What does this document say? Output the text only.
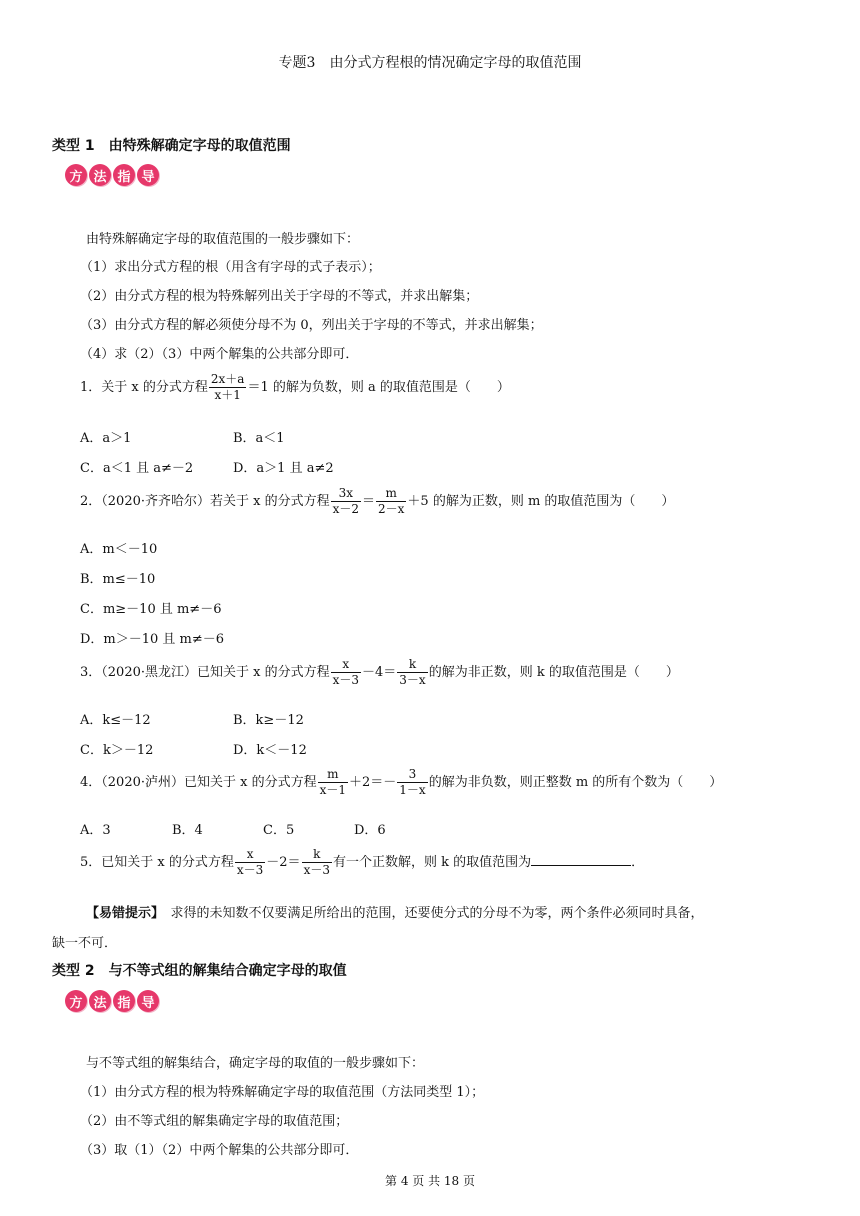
专题3　由分式方程根的情况确定字母的取值范围
类型 1　由特殊解确定字母的取值范围
方 法 指 导
由特殊解确定字母的取值范围的一般步骤如下：
（1）求出分式方程的根（用含有字母的式子表示）；
（2）由分式方程的根为特殊解列出关于字母的不等式，并求出解集；
（3）由分式方程的解必须使分母不为 0，列出关于字母的不等式，并求出解集；
（4）求（2）（3）中两个解集的公共部分即可．
1．关于 x 的分式方程 $\frac{2x+a}{x+1} =1$ 的解为负数，则 a 的取值范围是（　　）
A．a＞1	B．a＜1
C．a＜1 且 a≠－2	D．a＞1 且 a≠2
2．（2020·齐齐哈尔）若关于 x 的分式方程 $\frac{3x}{x-2} = \frac{m}{2-x} +5$ 的解为正数，则 m 的取值范围为（　　）
A．m＜－10
B．m≤－10
C．m≥－10 且 m≠－6
D．m＞－10 且 m≠－6
3．（2020·黑龙江）已知关于 x 的分式方程 $\frac{x}{x-3} -4= \frac{k}{3-x}$ 的解为非正数，则 k 的取值范围是（　　）
A．k≤－12	B．k≥－12
C．k＞－12	D．k＜－12
4．（2020·泸州）已知关于 x 的分式方程 $\frac{m}{x-1} +2=- \frac{3}{1-x}$ 的解为非负数，则正整数 m 的所有个数为（　　）
A．3	B．4	C．5	D．6
5．已知关于 x 的分式方程 $\frac{x}{x-3} -2= \frac{k}{x-3}$ 有一个正数解，则 k 的取值范围为	．
【易错提示】　求得的未知数不仅要满足所给出的范围，还要使分式的分母不为零，两个条件必须同时具备，
缺一不可．
类型 2　与不等式组的解集结合确定字母的取值
方 法 指 导
与不等式组的解集结合，确定字母的取值的一般步骤如下：
（1）由分式方程的根为特殊解确定字母的取值范围（方法同类型 1）；
（2）由不等式组的解集确定字母的取值范围；
（3）取（1）（2）中两个解集的公共部分即可．
第 4 页 共 18 页
